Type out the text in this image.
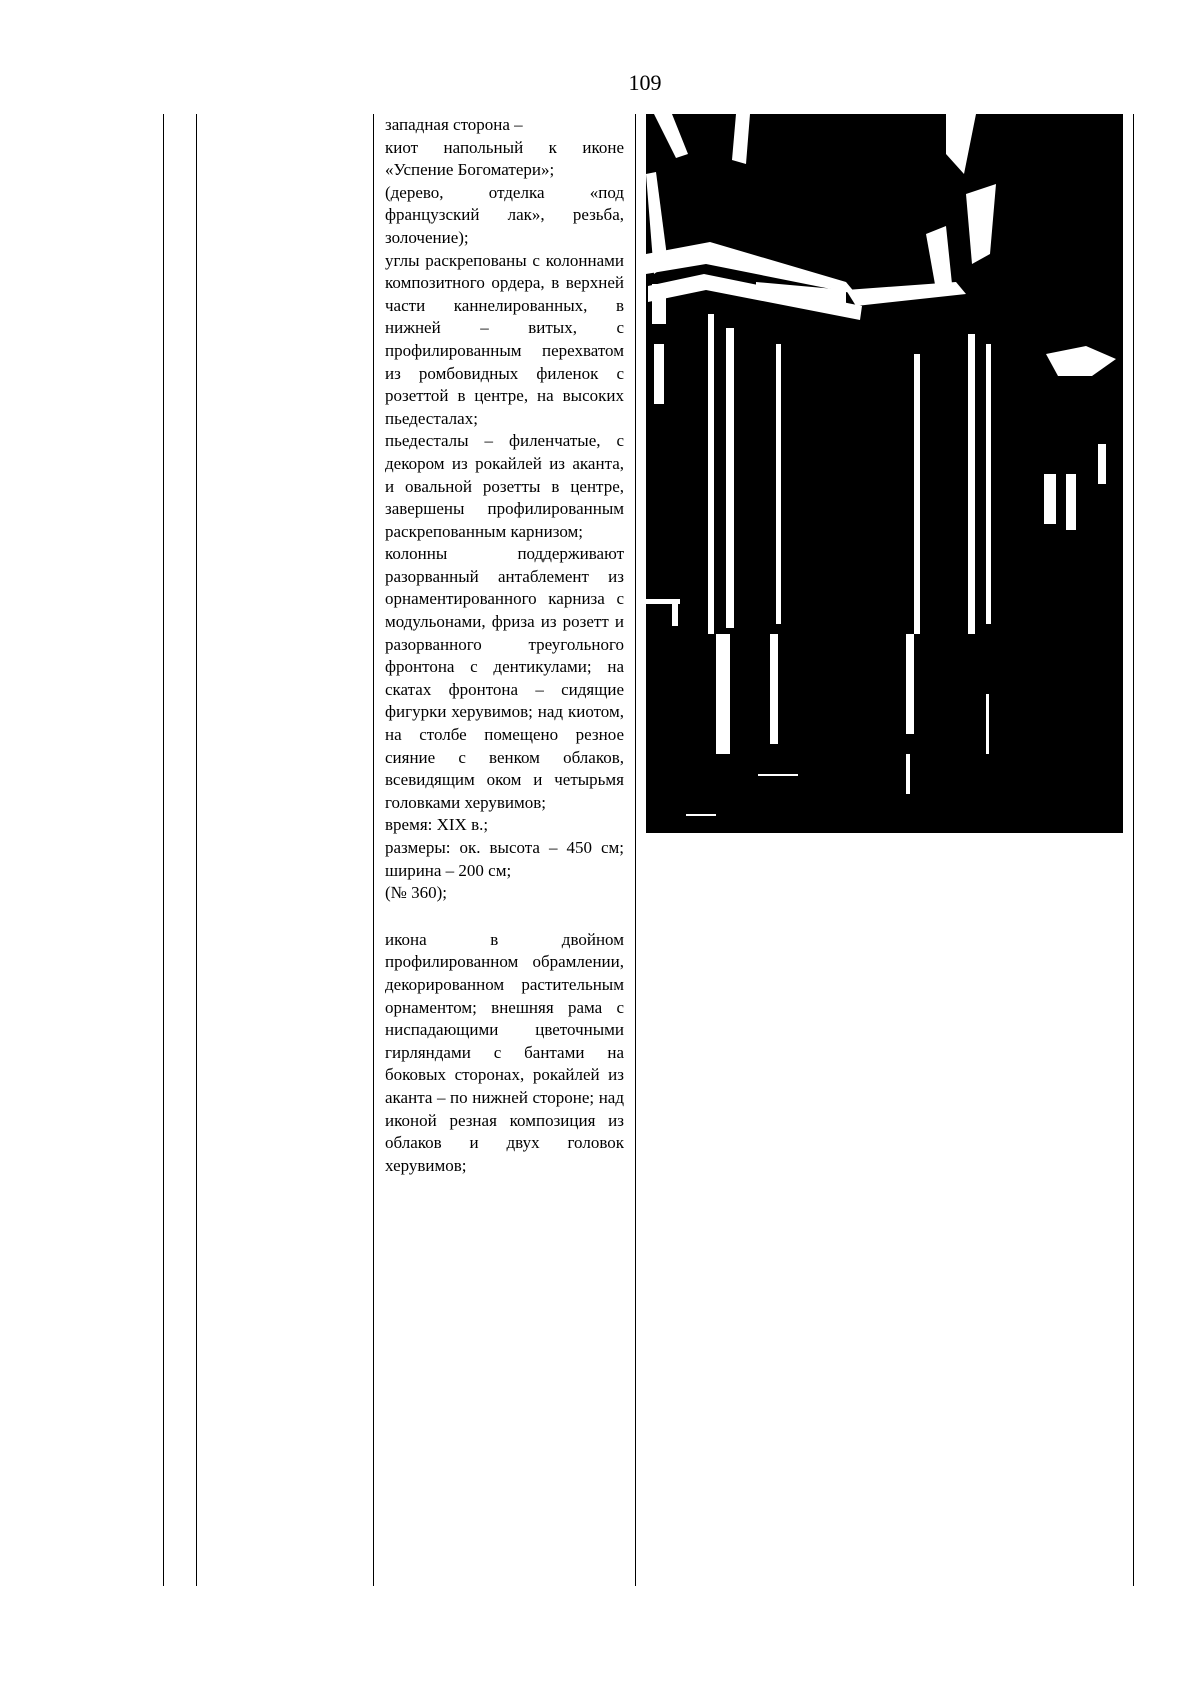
109

западная сторона –

киот напольный к иконе «Успение Богоматери»;

(дерево, отделка «под французский лак», резьба, золочение);

углы раскрепованы с колоннами композитного ордера, в верхней части каннелированных, в нижней – витых, с профилированным перехватом из ромбовидных филенок с розеттой в центре, на высоких пьедесталах;

пьедесталы – филенчатые, с декором из рокайлей из аканта, и овальной розетты в центре, завершены профилированным раскрепованным карнизом;

колонны поддерживают разорванный антаблемент из орнаментированного карниза с модульонами, фриза из розетт и разорванного треугольного фронтона с дентикулами; на скатах фронтона – сидящие фигурки херувимов; над киотом, на столбе помещено резное сияние с венком облаков, всевидящим оком и четырьмя головками херувимов;

время: XIX в.;

размеры: ок. высота – 450 см; ширина – 200 см;

(№ 360);

икона в двойном профилированном обрамлении, декорированном растительным орнаментом; внешняя рама с ниспадающими цветочными гирляндами с бантами на боковых сторонах, рокайлей из аканта – по нижней стороне; над иконой резная композиция из облаков и двух головок херувимов;
